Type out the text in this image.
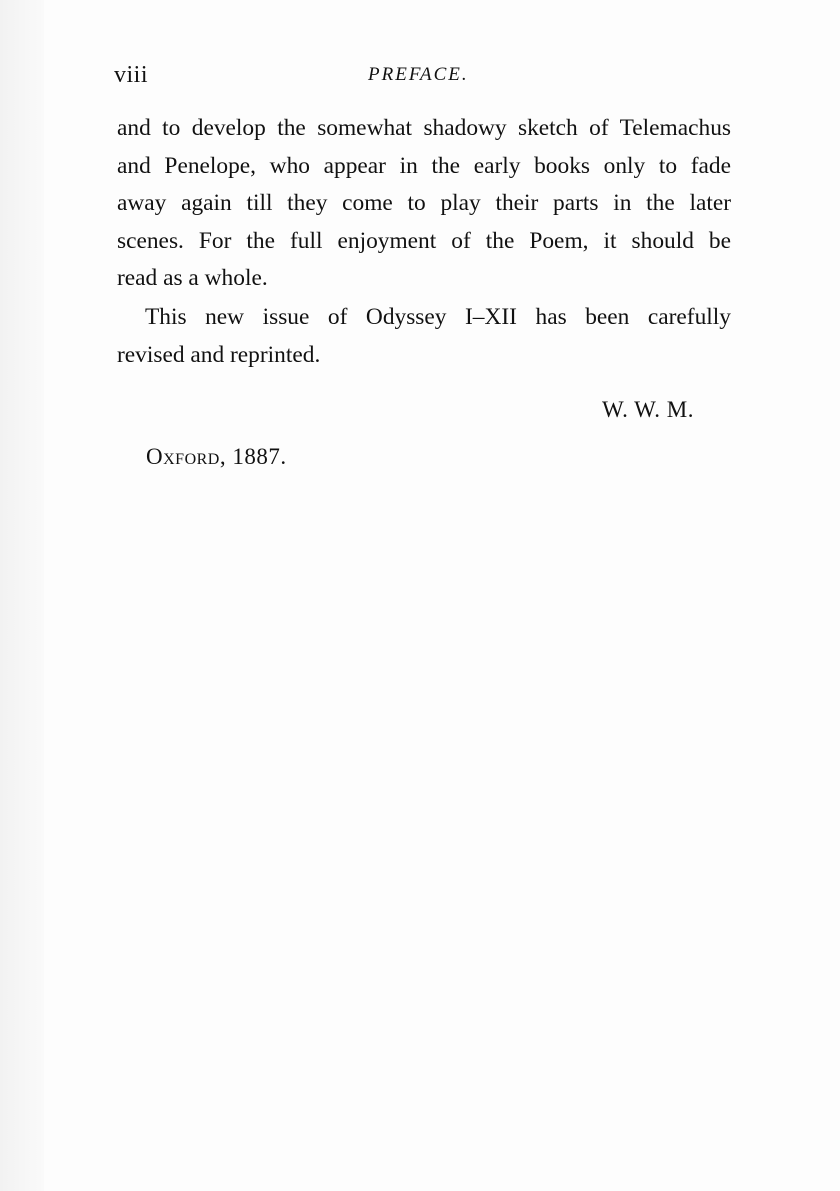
viii	PREFACE.
and to develop the somewhat shadowy sketch of Telemachus
and Penelope, who appear in the early books only to fade
away again till they come to play their parts in the later
scenes. For the full enjoyment of the Poem, it should be
read as a whole.
This new issue of Odyssey I–XII has been carefully
revised and reprinted.
W. W. M.
Oxford, 1887.
